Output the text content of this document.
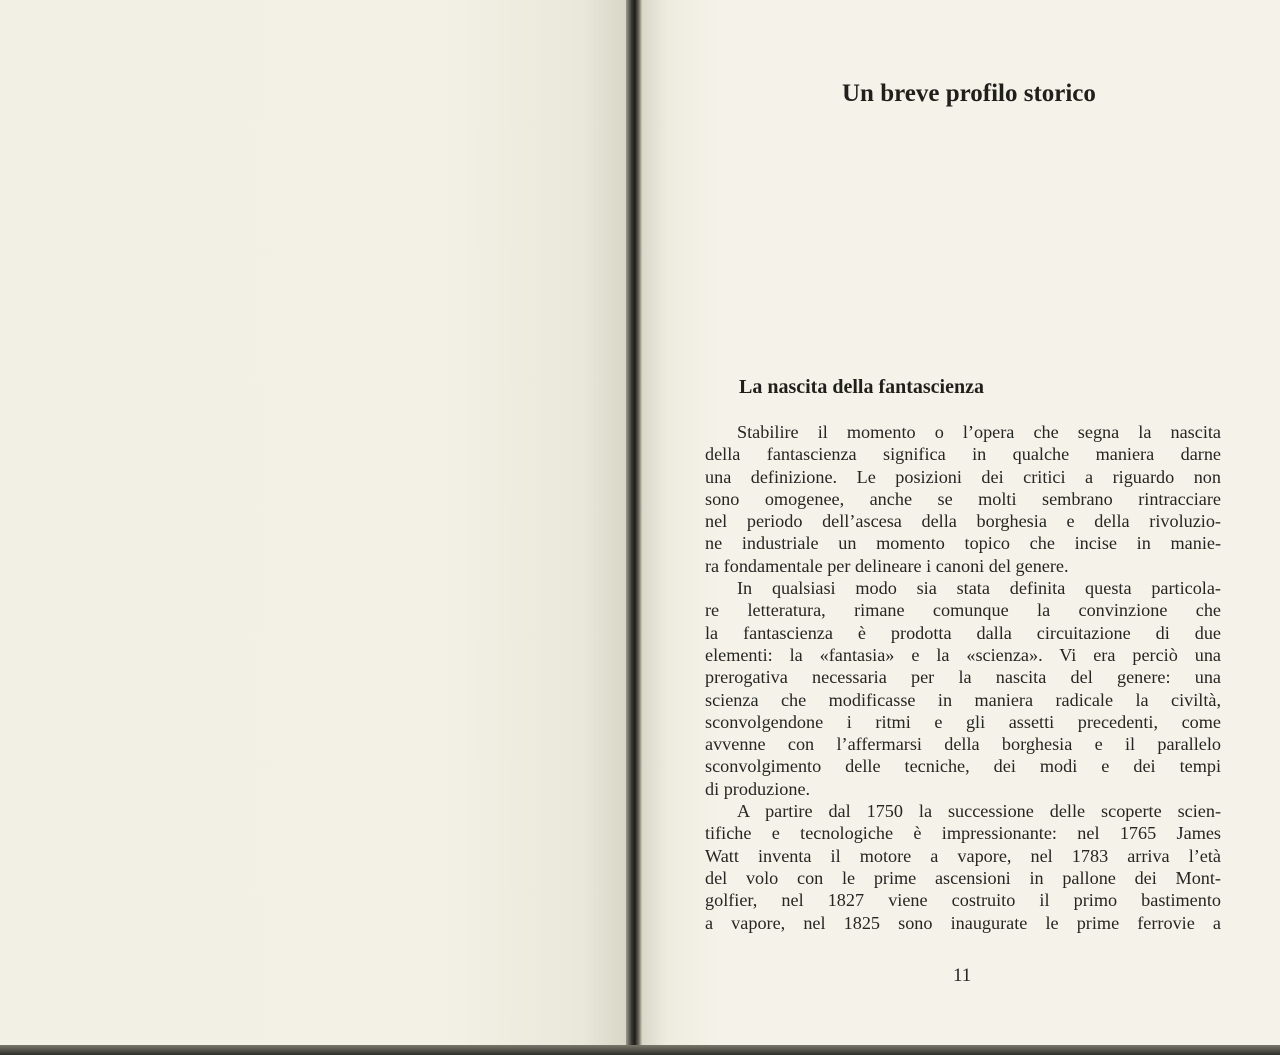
Un breve profilo storico
La nascita della fantascienza
Stabilire il momento o l’opera che segna la nascita
della fantascienza significa in qualche maniera darne
una definizione. Le posizioni dei critici a riguardo non
sono omogenee, anche se molti sembrano rintracciare
nel periodo dell’ascesa della borghesia e della rivoluzio-
ne industriale un momento topico che incise in manie-
ra fondamentale per delineare i canoni del genere.
In qualsiasi modo sia stata definita questa particola-
re letteratura, rimane comunque la convinzione che
la fantascienza è prodotta dalla circuitazione di due
elementi: la «fantasia» e la «scienza». Vi era perciò una
prerogativa necessaria per la nascita del genere: una
scienza che modificasse in maniera radicale la civiltà,
sconvolgendone i ritmi e gli assetti precedenti, come
avvenne con l’affermarsi della borghesia e il parallelo
sconvolgimento delle tecniche, dei modi e dei tempi
di produzione.
A partire dal 1750 la successione delle scoperte scien-
tifiche e tecnologiche è impressionante: nel 1765 James
Watt inventa il motore a vapore, nel 1783 arriva l’età
del volo con le prime ascensioni in pallone dei Mont-
golfier, nel 1827 viene costruito il primo bastimento
a vapore, nel 1825 sono inaugurate le prime ferrovie a

11
